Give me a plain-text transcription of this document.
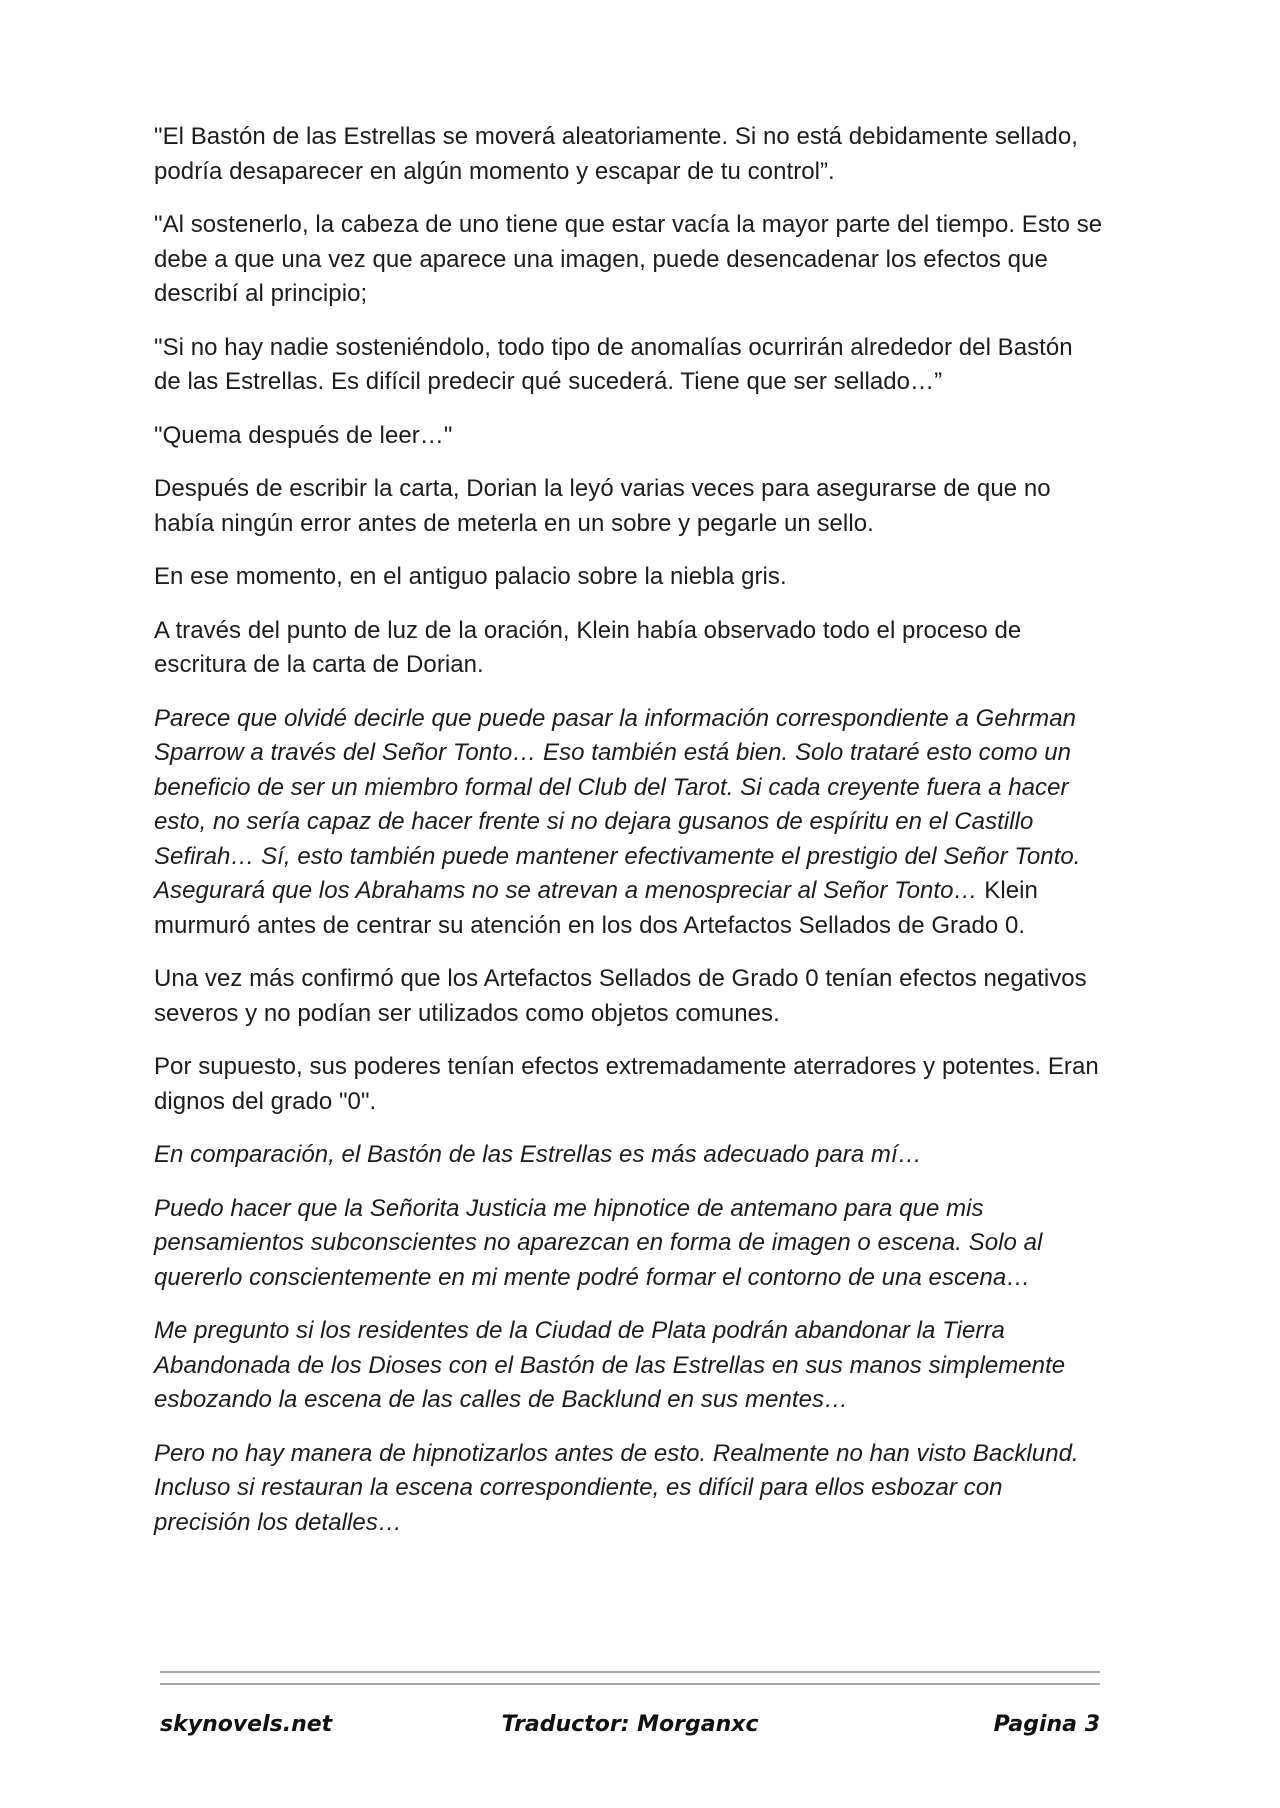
"El Bastón de las Estrellas se moverá aleatoriamente. Si no está debidamente sellado, podría desaparecer en algún momento y escapar de tu control”.

"Al sostenerlo, la cabeza de uno tiene que estar vacía la mayor parte del tiempo. Esto se debe a que una vez que aparece una imagen, puede desencadenar los efectos que describí al principio;

"Si no hay nadie sosteniéndolo, todo tipo de anomalías ocurrirán alrededor del Bastón de las Estrellas. Es difícil predecir qué sucederá. Tiene que ser sellado…”

"Quema después de leer…"

Después de escribir la carta, Dorian la leyó varias veces para asegurarse de que no había ningún error antes de meterla en un sobre y pegarle un sello.

En ese momento, en el antiguo palacio sobre la niebla gris.

A través del punto de luz de la oración, Klein había observado todo el proceso de escritura de la carta de Dorian.

Parece que olvidé decirle que puede pasar la información correspondiente a Gehrman Sparrow a través del Señor Tonto… Eso también está bien. Solo trataré esto como un beneficio de ser un miembro formal del Club del Tarot. Si cada creyente fuera a hacer esto, no sería capaz de hacer frente si no dejara gusanos de espíritu en el Castillo Sefirah… Sí, esto también puede mantener efectivamente el prestigio del Señor Tonto. Asegurará que los Abrahams no se atrevan a menospreciar al Señor Tonto… Klein murmuró antes de centrar su atención en los dos Artefactos Sellados de Grado 0.

Una vez más confirmó que los Artefactos Sellados de Grado 0 tenían efectos negativos severos y no podían ser utilizados como objetos comunes.

Por supuesto, sus poderes tenían efectos extremadamente aterradores y potentes. Eran dignos del grado "0".

En comparación, el Bastón de las Estrellas es más adecuado para mí…

Puedo hacer que la Señorita Justicia me hipnotice de antemano para que mis pensamientos subconscientes no aparezcan en forma de imagen o escena. Solo al quererlo conscientemente en mi mente podré formar el contorno de una escena…

Me pregunto si los residentes de la Ciudad de Plata podrán abandonar la Tierra Abandonada de los Dioses con el Bastón de las Estrellas en sus manos simplemente esbozando la escena de las calles de Backlund en sus mentes…

Pero no hay manera de hipnotizarlos antes de esto. Realmente no han visto Backlund. Incluso si restauran la escena correspondiente, es difícil para ellos esbozar con precisión los detalles…

skynovels.net	Traductor: Morganxc	Pagina 3
